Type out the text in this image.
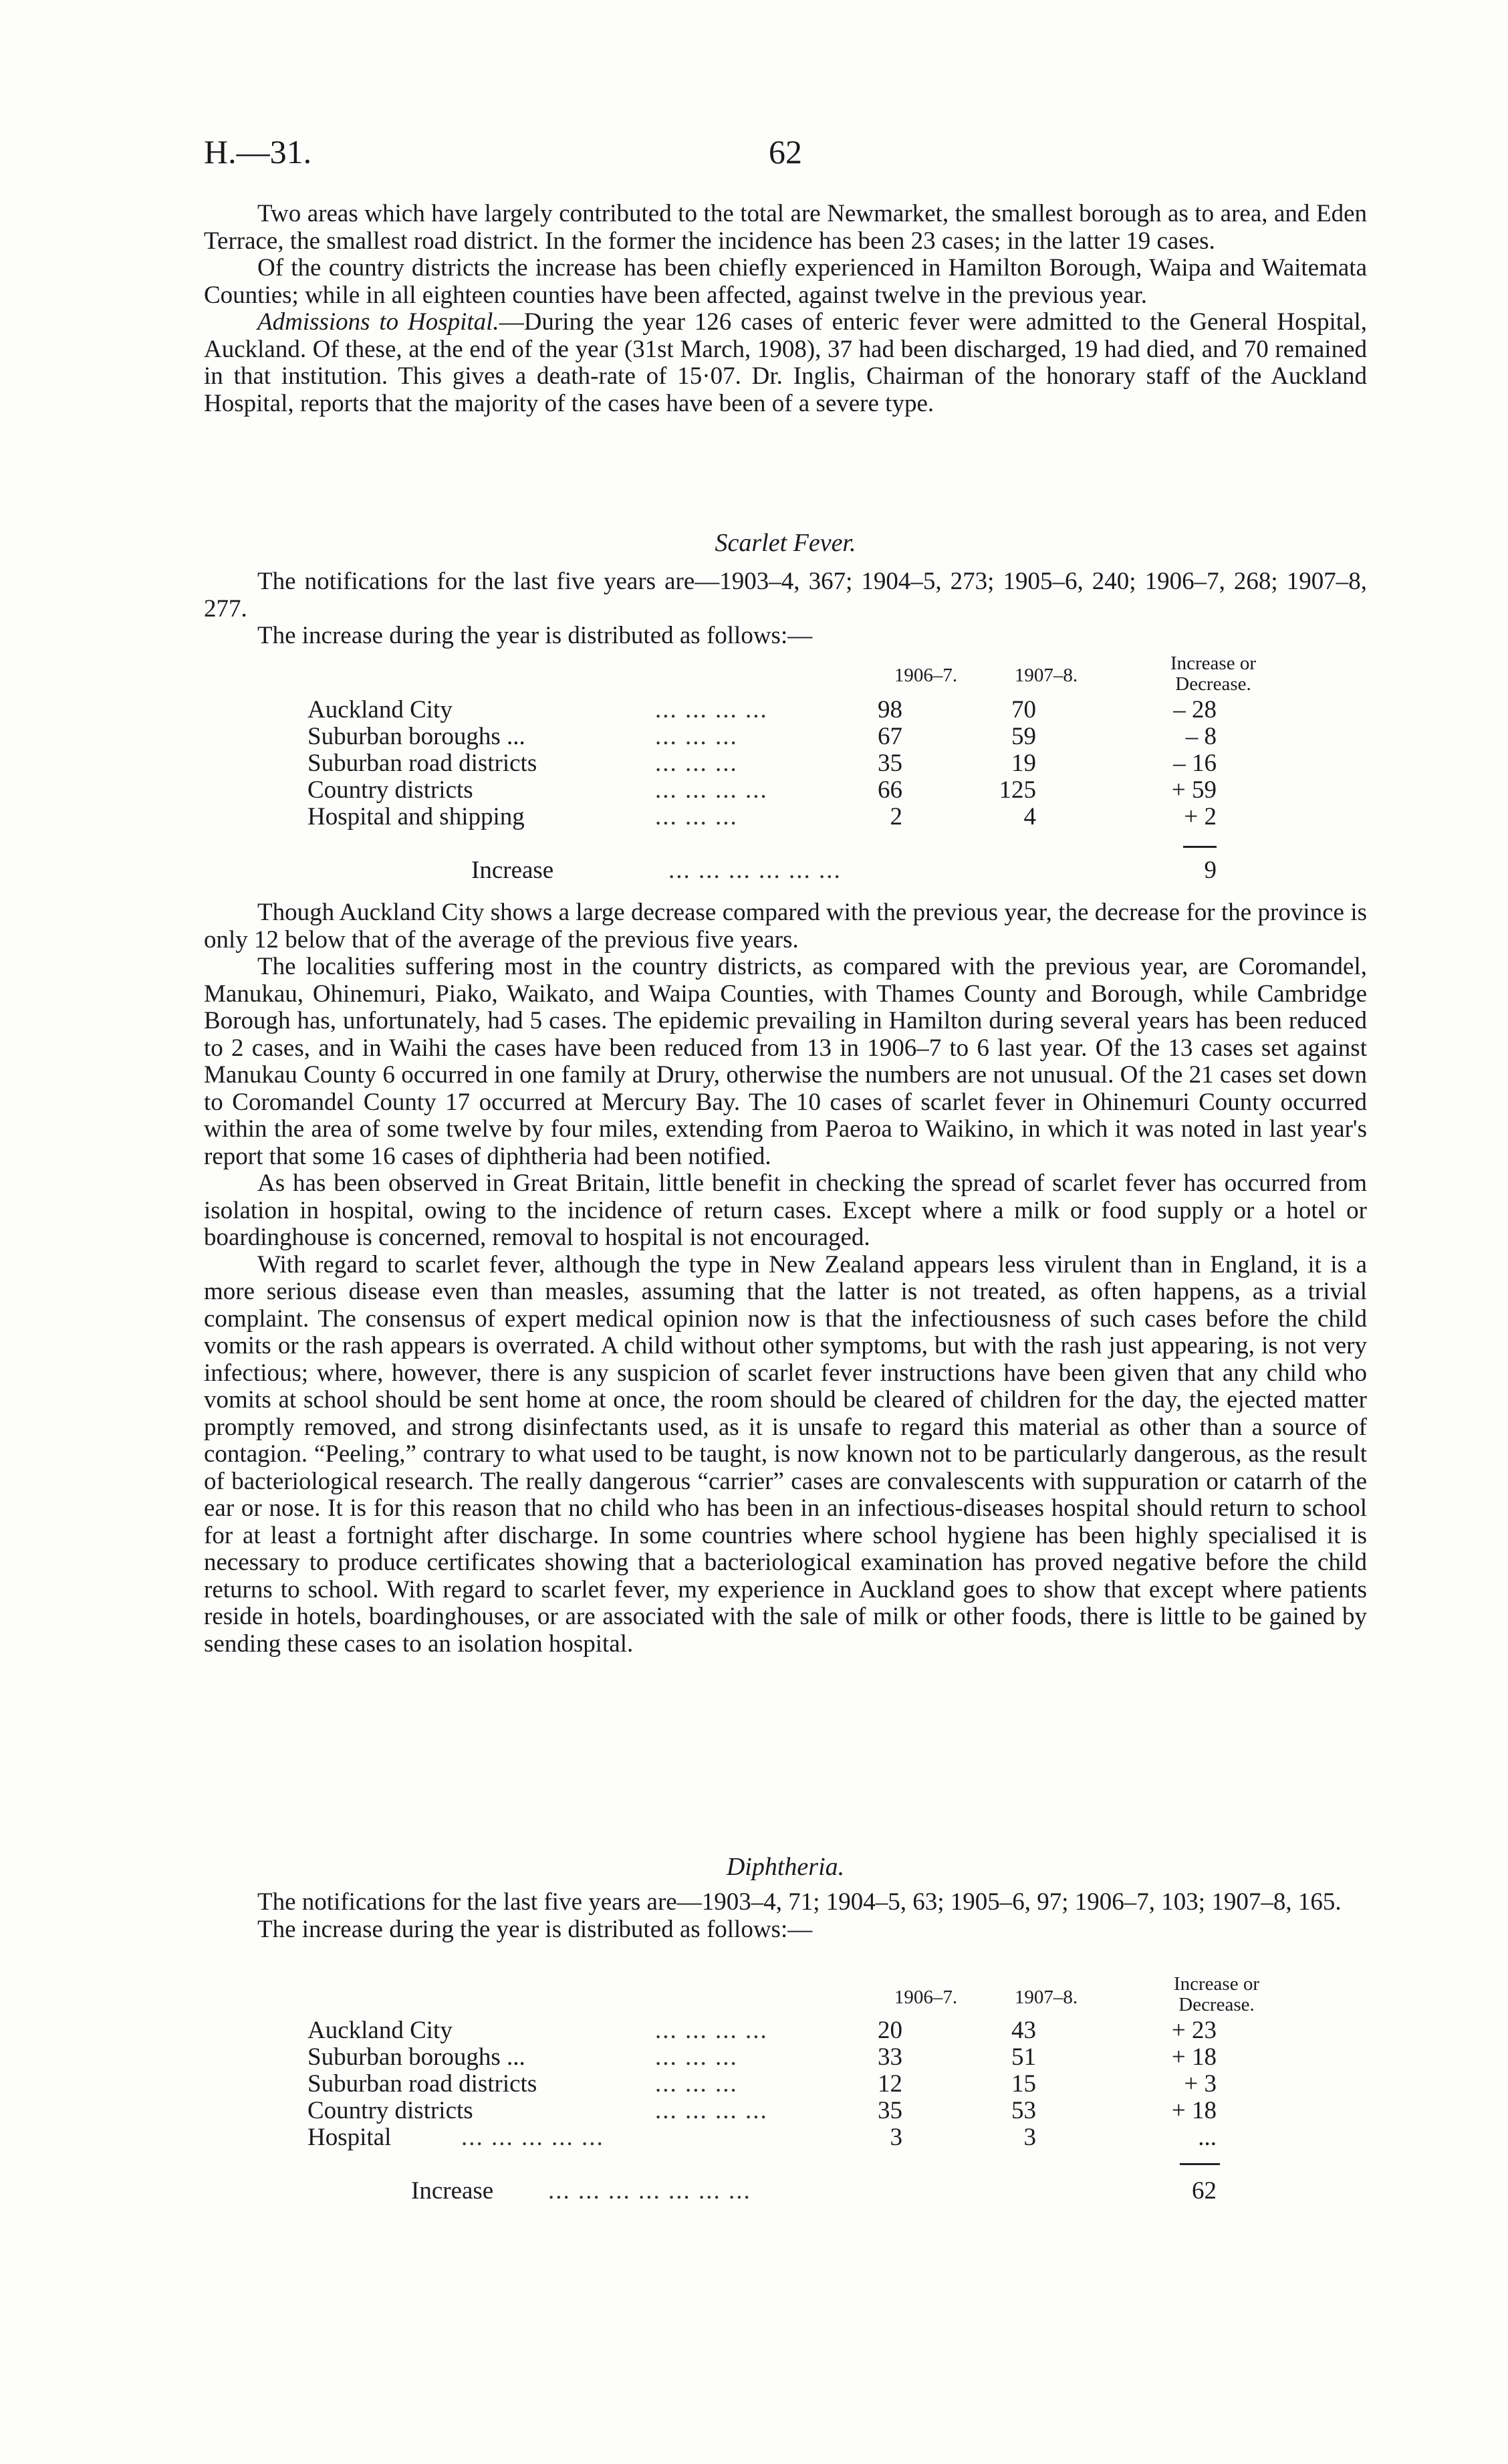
H.—31.	62

Two areas which have largely contributed to the total are Newmarket, the smallest borough as to area, and Eden Terrace, the smallest road district. In the former the incidence has been 23 cases; in the latter 19 cases.

Of the country districts the increase has been chiefly experienced in Hamilton Borough, Waipa and Waitemata Counties; while in all eighteen counties have been affected, against twelve in the previous year.

Admissions to Hospital.—During the year 126 cases of enteric fever were admitted to the General Hospital, Auckland. Of these, at the end of the year (31st March, 1908), 37 had been discharged, 19 had died, and 70 remained in that institution. This gives a death-rate of 15·07. Dr. Inglis, Chairman of the honorary staff of the Auckland Hospital, reports that the majority of the cases have been of a severe type.

Scarlet Fever.

The notifications for the last five years are—1903–4, 367; 1904–5, 273; 1905–6, 240; 1906–7, 268; 1907–8, 277.

The increase during the year is distributed as follows:—

1906–7.	1907–8.
Increase or Decrease.
Auckland City	... ... ... ...	98	70	– 28
Suburban boroughs ...	... ... ...	67	59	– 8
Suburban road districts	... ... ...	35	19	– 16
Country districts	... ... ... ...	66	125	+ 59
Hospital and shipping	... ... ...	2	4	+ 2
Increase	... ... ... ... ... ...	9

Though Auckland City shows a large decrease compared with the previous year, the decrease for the province is only 12 below that of the average of the previous five years.

The localities suffering most in the country districts, as compared with the previous year, are Coromandel, Manukau, Ohinemuri, Piako, Waikato, and Waipa Counties, with Thames County and Borough, while Cambridge Borough has, unfortunately, had 5 cases. The epidemic prevailing in Hamilton during several years has been reduced to 2 cases, and in Waihi the cases have been reduced from 13 in 1906–7 to 6 last year. Of the 13 cases set against Manukau County 6 occurred in one family at Drury, otherwise the numbers are not unusual. Of the 21 cases set down to Coromandel County 17 occurred at Mercury Bay. The 10 cases of scarlet fever in Ohinemuri County occurred within the area of some twelve by four miles, extending from Paeroa to Waikino, in which it was noted in last year's report that some 16 cases of diphtheria had been notified.

As has been observed in Great Britain, little benefit in checking the spread of scarlet fever has occurred from isolation in hospital, owing to the incidence of return cases. Except where a milk or food supply or a hotel or boardinghouse is concerned, removal to hospital is not encouraged.

With regard to scarlet fever, although the type in New Zealand appears less virulent than in England, it is a more serious disease even than measles, assuming that the latter is not treated, as often happens, as a trivial complaint. The consensus of expert medical opinion now is that the infectiousness of such cases before the child vomits or the rash appears is overrated. A child without other symptoms, but with the rash just appearing, is not very infectious; where, however, there is any suspicion of scarlet fever instructions have been given that any child who vomits at school should be sent home at once, the room should be cleared of children for the day, the ejected matter promptly removed, and strong disinfectants used, as it is unsafe to regard this material as other than a source of contagion. “Peeling,” contrary to what used to be taught, is now known not to be particularly dangerous, as the result of bacteriological research. The really dangerous “carrier” cases are convalescents with suppuration or catarrh of the ear or nose. It is for this reason that no child who has been in an infectious-diseases hospital should return to school for at least a fortnight after discharge. In some countries where school hygiene has been highly specialised it is necessary to produce certificates showing that a bacteriological examination has proved negative before the child returns to school. With regard to scarlet fever, my experience in Auckland goes to show that except where patients reside in hotels, boardinghouses, or are associated with the sale of milk or other foods, there is little to be gained by sending these cases to an isolation hospital.

Diphtheria.

The notifications for the last five years are—1903–4, 71; 1904–5, 63; 1905–6, 97; 1906–7, 103; 1907–8, 165.

The increase during the year is distributed as follows:—

1906–7.	1907–8.
Increase or Decrease.
Auckland City	... ... ... ...	20	43	+ 23
Suburban boroughs ...	... ... ...	33	51	+ 18
Suburban road districts	... ... ...	12	15	+ 3
Country districts	... ... ... ...	35	53	+ 18
Hospital	... ... ... ... ...	3	3	...
Increase ... ... ... ... ... ... ...	62
